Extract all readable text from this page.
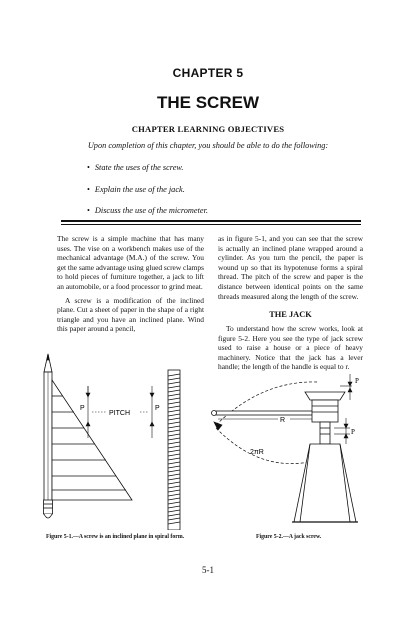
CHAPTER 5
THE SCREW
CHAPTER LEARNING OBJECTIVES
Upon completion of this chapter, you should be able to do the following:
• State the uses of the screw.
• Explain the use of the jack.
• Discuss the use of the micrometer.

The screw is a simple machine that has many uses. The vise on a workbench makes use of the mechanical advantage (M.A.) of the screw. You get the same advantage using glued screw clamps to hold pieces of furniture together, a jack to lift an automobile, or a food processor to grind meat.

A screw is a modification of the inclined plane. Cut a sheet of paper in the shape of a right triangle and you have an inclined plane. Wind this paper around a pencil,

as in figure 5-1, and you can see that the screw is actually an inclined plane wrapped around a cylinder. As you turn the pencil, the paper is wound up so that its hypotenuse forms a spiral thread. The pitch of the screw and paper is the distance between identical points on the same threads measured along the length of the screw.

THE JACK

To understand how the screw works, look at figure 5-2. Here you see the type of jack screw used to raise a house or a piece of heavy machinery. Notice that the jack has a lever handle; the length of the handle is equal to r.

P	P
PITCH
R
2πR
P
P
Figure 5-1.—A screw is an inclined plane in spiral form.	Figure 5-2.—A jack screw.
5-1
